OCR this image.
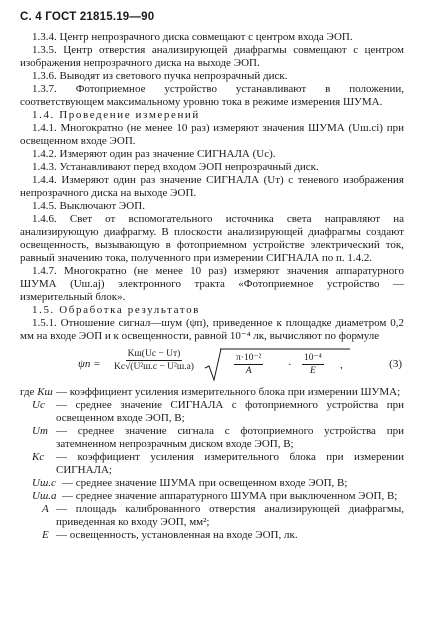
С. 4 ГОСТ 21815.19—90

1.3.4. Центр непрозрачного диска совмещают с центром входа ЭОП.

1.3.5. Центр отверстия анализирующей диафрагмы совмещают с центром изображения непрозрачного диска на выходе ЭОП.

1.3.6. Выводят из светового пучка непрозрачный диск.

1.3.7. Фотоприемное устройство устанавливают в положении, соответствующем максимальному уровню тока в режиме измерения ШУМА.

1.4. Проведение измерений

1.4.1. Многократно (не менее 10 раз) измеряют значения ШУМА (Uш.сi) при освещенном входе ЭОП.

1.4.2. Измеряют один раз значение СИГНАЛА (Uс).

1.4.3. Устанавливают перед входом ЭОП непрозрачный диск.

1.4.4. Измеряют один раз значение СИГНАЛА (Uт) с теневого изображения непрозрачного диска на выходе ЭОП.

1.4.5. Выключают ЭОП.

1.4.6. Свет от вспомогательного источника света направляют на анализирующую диафрагму. В плоскости анализирующей диафрагмы создают освещенность, вызывающую в фотоприемном устройстве электрический ток, равный значению тока, полученного при измерении СИГНАЛА по п. 1.4.2.

1.4.7. Многократно (не менее 10 раз) измеряют значения аппаратурного ШУМА (Uш.аj) электронного тракта «Фотоприемное устройство — измерительный блок».

1.5. Обработка результатов

1.5.1. Отношение сигнал—шум (ψп), приведенное к площадке диаметром 0,2 мм на входе ЭОП и к освещенности, равной 10⁻⁴ лк, вычисляют по формуле

ψп =
Kш(Uс − Uт)
Kс√(U²ш.с − U²ш.а)	$\frac{\text{π·10⁻²}}{A} \cdot \frac{\text{10⁻⁴}}{E}$ ,	(3)

где Kш — коэффициент усиления измерительного блока при измерении ШУМА;

Uс	— среднее значение СИГНАЛА с фотоприемного устройства при освещенном входе ЭОП, В;

Uт — среднее значение сигнала с фотоприемного устройства при затемненном непрозрачным диском входе ЭОП, В;

Kс	— коэффициент усиления измерительного блока при измерении СИГНАЛА;

Uш.с — среднее значение ШУМА при освещенном входе ЭОП, В;

Uш.а — среднее значение аппаратурного ШУМА при выключенном ЭОП, В;

A — площадь калиброванного отверстия анализирующей диафрагмы, приведенная ко входу ЭОП, мм²;

E — освещенность, установленная на входе ЭОП, лк.
